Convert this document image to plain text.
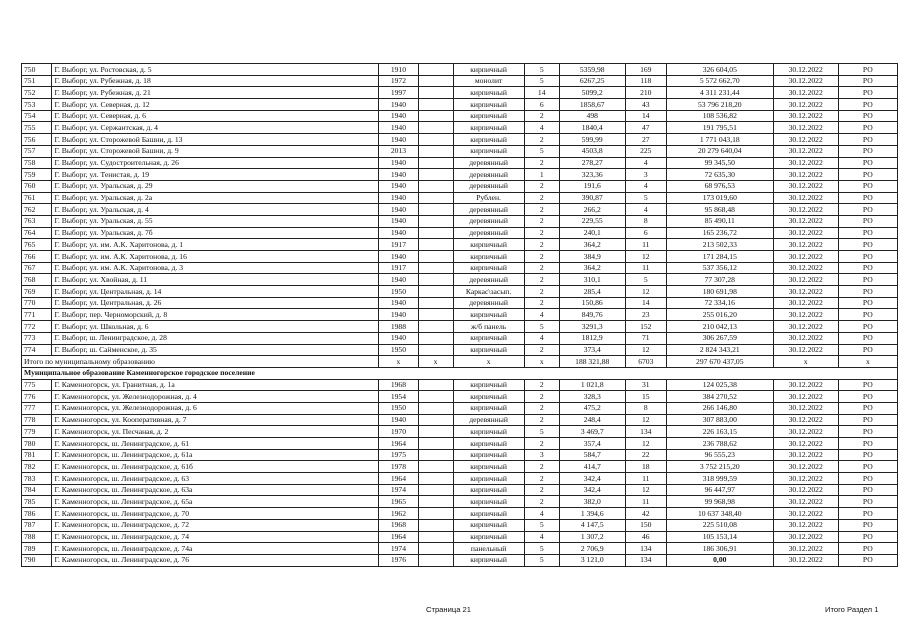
750	Г. Выборг, ул. Ростовская, д. 5	1910		кирпичный	5	5359,98	169	326 604,05	30.12.2022	РО
751	Г. Выборг, ул. Рубежная, д. 18	1972		монолит	5	6267,25	118	5 572 662,70	30.12.2022	РО
752	Г. Выборг, ул. Рубежная, д. 21	1997		кирпичный	14	5099,2	210	4 311 231,44	30.12.2022	РО
753	Г. Выборг, ул. Северная, д. 12	1940		кирпичный	6	1858,67	43	53 796 218,20	30.12.2022	РО
754	Г. Выборг, ул. Северная, д. 6	1940		кирпичный	2	498	14	108 536,82	30.12.2022	РО
755	Г. Выборг, ул. Сержантская, д. 4	1940		кирпичный	4	1840,4	47	191 795,51	30.12.2022	РО
756	Г. Выборг, ул. Сторожевой Башни, д. 13	1940		кирпичный	2	599,99	27	1 771 043,18	30.12.2022	РО
757	Г. Выборг, ул. Сторожевой Башни, д. 9	2013		кирпичный	5	4503,8	225	20 279 640,04	30.12.2022	РО
758	Г. Выборг, ул. Судостроительная, д. 26	1940		деревянный	2	278,27	4	99 345,50	30.12.2022	РО
759	Г. Выборг, ул. Тенистая, д. 19	1940		деревянный	1	323,36	3	72 635,30	30.12.2022	РО
760	Г. Выборг, ул. Уральская, д. 29	1940		деревянный	2	191,6	4	68 976,53	30.12.2022	РО
761	Г. Выборг, ул. Уральская, д. 2а	1940		Рублен.	2	390,87	5	173 019,60	30.12.2022	РО
762	Г. Выборг, ул. Уральская, д. 4	1940		деревянный	2	266,2	4	95 868,48	30.12.2022	РО
763	Г. Выборг, ул. Уральская, д. 55	1940		деревянный	2	229,55	8	85 490,11	30.12.2022	РО
764	Г. Выборг, ул. Уральская, д. 7б	1940		деревянный	2	240,1	6	165 236,72	30.12.2022	РО
765	Г. Выборг, ул. им. А.К. Харитонова, д. 1	1917		кирпичный	2	364,2	11	213 502,33	30.12.2022	РО
766	Г. Выборг, ул. им. А.К. Харитонова, д. 16	1940		кирпичный	2	384,9	12	171 284,15	30.12.2022	РО
767	Г. Выборг, ул. им. А.К. Харитонова, д. 3	1917		кирпичный	2	364,2	11	537 356,12	30.12.2022	РО
768	Г. Выборг, ул. Хвойная, д. 11	1940		деревянный	2	310,1	5	77 307,28	30.12.2022	РО
769	Г. Выборг, ул. Центральная, д. 14	1950		Каркас\засып.	2	285,4	12	180 691,98	30.12.2022	РО
770	Г. Выборг, ул. Центральная, д. 26	1940		деревянный	2	150,86	14	72 334,16	30.12.2022	РО
771	Г. Выборг, пер. Черноморский, д. 8	1940		кирпичный	4	849,76	23	255 016,20	30.12.2022	РО
772	Г. Выборг, ул. Школьная, д. 6	1988		ж/б панель	5	3291,3	152	210 042,13	30.12.2022	РО
773	Г. Выборг, ш. Ленинградское, д. 28	1940		кирпичный	4	1812,9	71	306 267,59	30.12.2022	РО
774	Г. Выборг, ш. Сайменское, д. 35	1950		кирпичный	2	373,4	12	2 824 343,21	30.12.2022	РО
Итого по муниципальному образованию		x	x	x	x	188 321,88	6703	297 670 437,05	x	x
Муниципальное образование Каменногорское городское поселение										
775	Г. Каменногорск, ул. Гранитная, д. 1а	1968		кирпичный	2	1 021,8	31	124 025,38	30.12.2022	РО
776	Г. Каменногорск, ул. Железнодорожная, д. 4	1954		кирпичный	2	328,3	15	384 270,52	30.12.2022	РО
777	Г. Каменногорск, ул. Железнодорожная, д. 6	1950		кирпичный	2	475,2	8	266 146,80	30.12.2022	РО
778	Г. Каменногорск, ул. Кооперативная, д. 7	1940		деревянный	2	248,4	12	307 883,00	30.12.2022	РО
779	Г. Каменногорск, ул. Песчаная, д. 2	1970		кирпичный	5	3 469,7	134	226 163,15	30.12.2022	РО
780	Г. Каменногорск, ш. Ленинградское, д. 61	1964		кирпичный	2	357,4	12	236 788,62	30.12.2022	РО
781	Г. Каменногорск, ш. Ленинградское, д. 61а	1975		кирпичный	3	584,7	22	96 555,23	30.12.2022	РО
782	Г. Каменногорск, ш. Ленинградское, д. 61б	1978		кирпичный	2	414,7	18	3 752 215,20	30.12.2022	РО
783	Г. Каменногорск, ш. Ленинградское, д. 63	1964		кирпичный	2	342,4	11	318 999,59	30.12.2022	РО
784	Г. Каменногорск, ш. Ленинградское, д. 63а	1974		кирпичный	2	342,4	12	96 447,97	30.12.2022	РО
785	Г. Каменногорск, ш. Ленинградское, д. 65а	1965		кирпичный	2	382,0	11	99 968,98	30.12.2022	РО
786	Г. Каменногорск, ш. Ленинградское, д. 70	1962		кирпичный	4	1 394,6	42	10 637 348,40	30.12.2022	РО
787	Г. Каменногорск, ш. Ленинградское, д. 72	1968		кирпичный	5	4 147,5	150	225 510,08	30.12.2022	РО
788	Г. Каменногорск, ш. Ленинградское, д. 74	1964		кирпичный	4	1 307,2	46	105 153,14	30.12.2022	РО
789	Г. Каменногорск, ш. Ленинградское, д. 74а	1974		панельный	5	2 706,9	134	186 306,91	30.12.2022	РО
790	Г. Каменногорск, ш. Ленинградское, д. 76	1976		кирпичный	5	3 121,0	134	0,00	30.12.2022	РО
Страница 21	Итого Раздел 1
